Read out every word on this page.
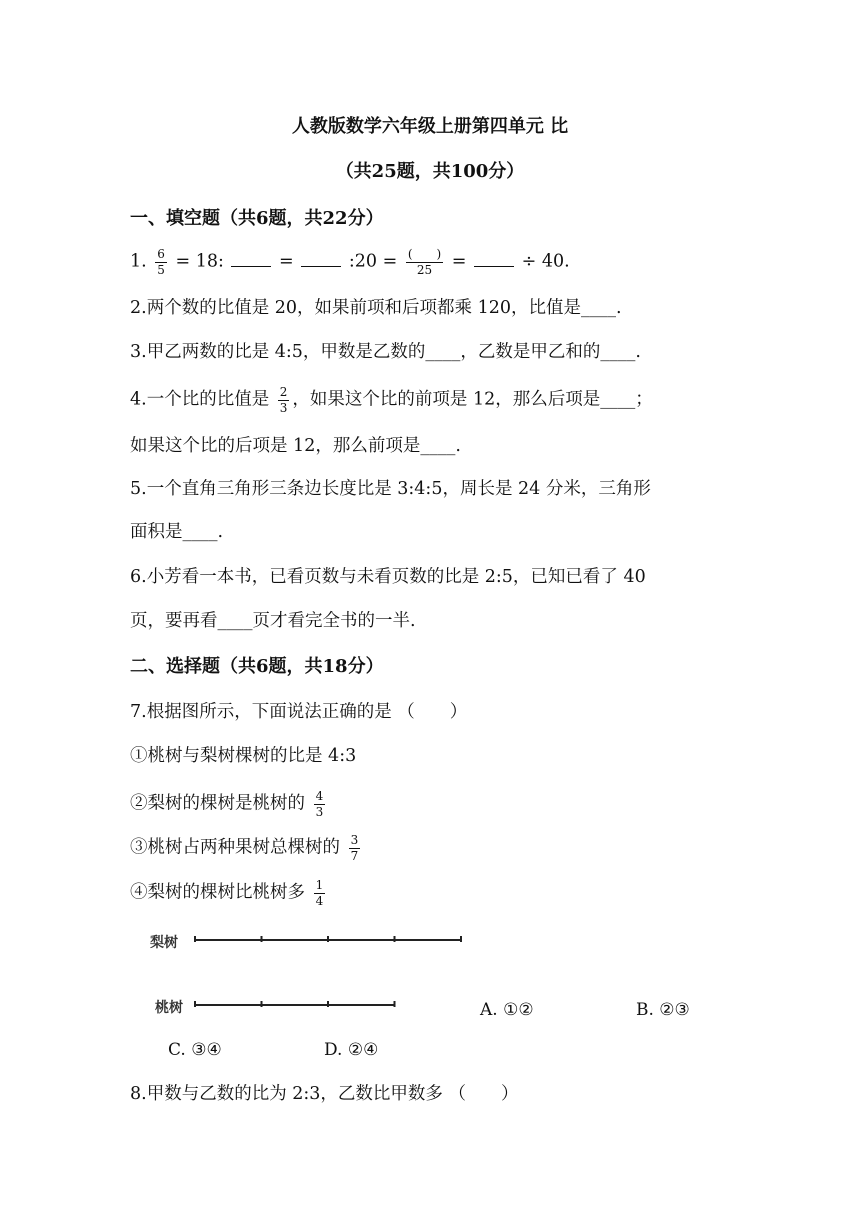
人教版数学六年级上册第四单元 比
（共25题，共100分）
一、填空题（共6题，共22分）
1. $\frac{6}{5} = 18$:	=	:20 = $\frac{( )}{25}$ =	÷ 40.
2.两个数的比值是 20，如果前项和后项都乘 120，比值是____.
3.甲乙两数的比是 4:5，甲数是乙数的____，乙数是甲乙和的____.
4.一个比的比值是 $\frac{2}{3}$ ，如果这个比的前项是 12，那么后项是____；
如果这个比的后项是 12，那么前项是____.
5.一个直角三角形三条边长度比是 3:4:5，周长是 24 分米，三角形
面积是____.
6.小芳看一本书，已看页数与未看页数的比是 2:5，已知已看了 40
页，要再看____页才看完全书的一半.
二、选择题（共6题，共18分）
7.根据图所示，下面说法正确的是 （　　）
①桃树与梨树棵树的比是 4:3
②梨树的棵树是桃树的 $\frac{4}{3}$
③桃树占两种果树总棵树的 $\frac{3}{7}$
④梨树的棵树比桃树多 $\frac{1}{4}$
梨树
桃树	A. ①②	B. ②③
C. ③④	D. ②④
8.甲数与乙数的比为 2:3，乙数比甲数多 （　　）
